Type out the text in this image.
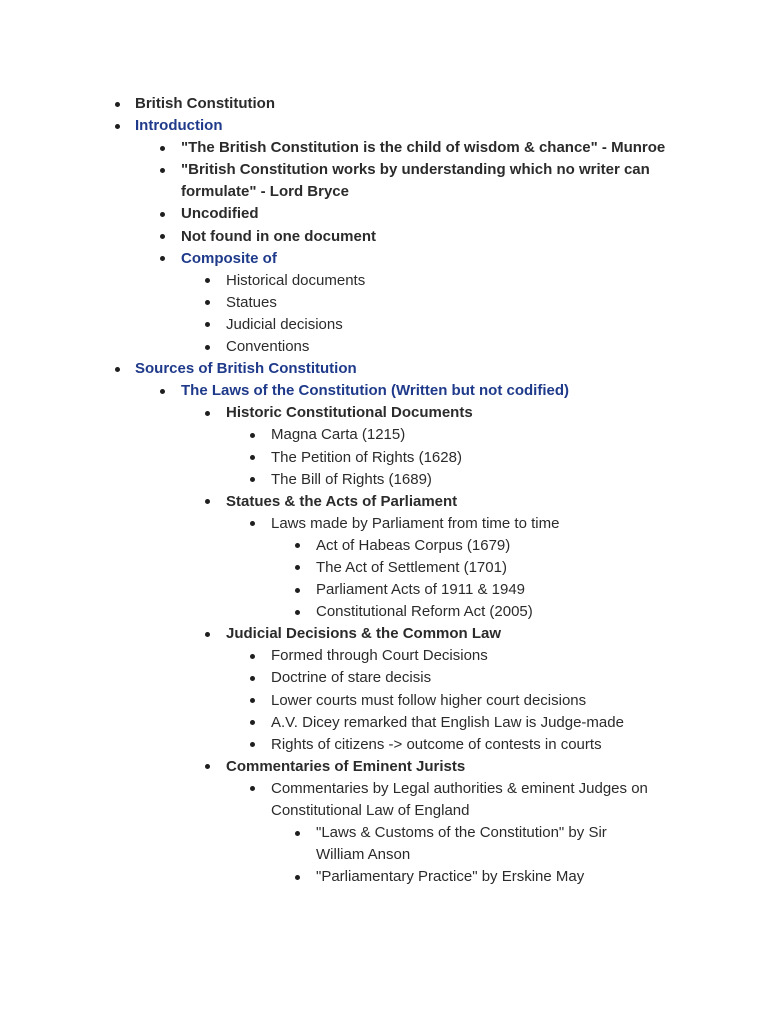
British Constitution
Introduction
"The British Constitution is the child of wisdom & chance" - Munroe
"British Constitution works by understanding which no writer can formulate" - Lord Bryce
Uncodified
Not found in one document
Composite of
Historical documents
Statues
Judicial decisions
Conventions
Sources of British Constitution
The Laws of the Constitution (Written but not codified)
Historic Constitutional Documents
Magna Carta (1215)
The Petition of Rights (1628)
The Bill of Rights (1689)
Statues & the Acts of Parliament
Laws made by Parliament from time to time
Act of Habeas Corpus (1679)
The Act of Settlement (1701)
Parliament Acts of 1911 & 1949
Constitutional Reform Act (2005)
Judicial Decisions & the Common Law
Formed through Court Decisions
Doctrine of stare decisis
Lower courts must follow higher court decisions
A.V. Dicey remarked that English Law is Judge-made
Rights of citizens -> outcome of contests in courts
Commentaries of Eminent Jurists
Commentaries by Legal authorities & eminent Judges on Constitutional Law of England
"Laws & Customs of the Constitution" by Sir William Anson
"Parliamentary Practice" by Erskine May
